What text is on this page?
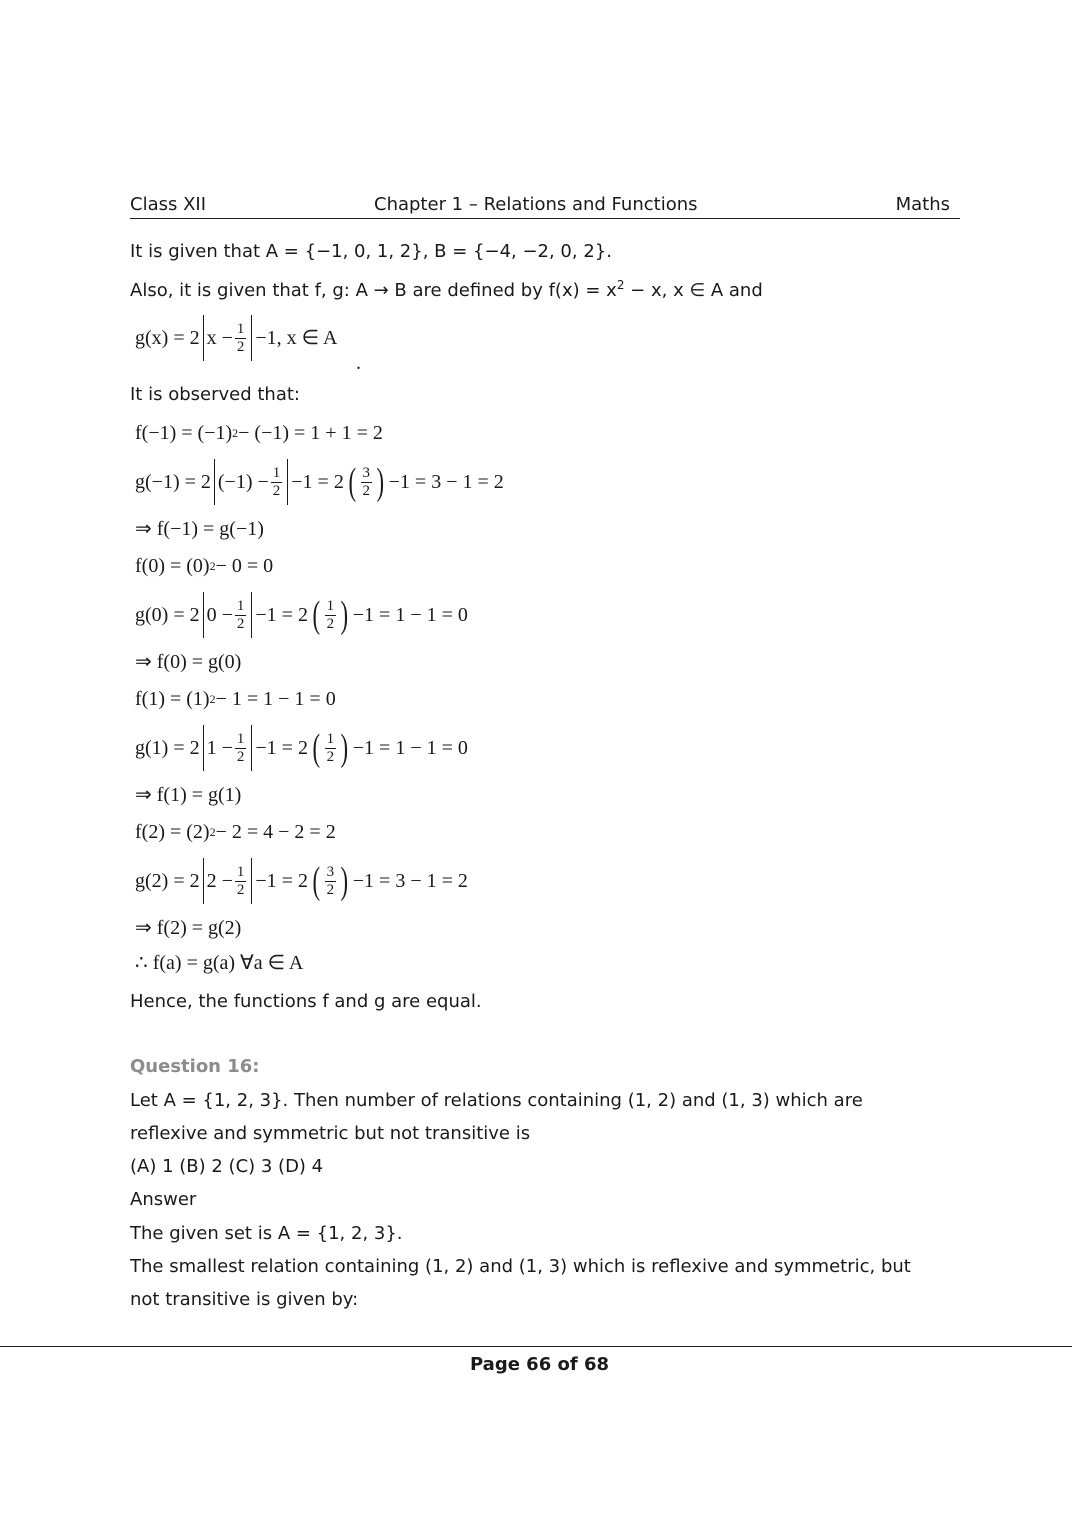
Class XII	Chapter 1 – Relations and Functions	Maths
It is given that A = {−1, 0, 1, 2}, B = {−4, −2, 0, 2}.
Also, it is given that f, g: A → B are defined by $f(x) = x^2 - x$, x ∈ A and
g(x) = 2 $x - \frac{1}{2} -1$, x ∈ A
.
It is observed that:
f(−1) = (−1) 2 − (−1) = 1 + 1 = 2
g(−1) = 2 $(-1) - \frac{1}{2} -1 = 2$ ( $\frac{3}{2}$ ) −1 = 3 − 1 = 2
⇒ f(−1) = g(−1)
f(0) = (0) 2 − 0 = 0
g(0) = 2 $0 - \frac{1}{2} -1 = 2$ ( $\frac{1}{2}$ ) −1 = 1 − 1 = 0
⇒ f(0) = g(0)
f(1) = (1) 2 − 1 = 1 − 1 = 0
g(1) = 2 $1 - \frac{1}{2} -1 = 2$ ( $\frac{1}{2}$ ) −1 = 1 − 1 = 0
⇒ f(1) = g(1)
f(2) = (2) 2 − 2 = 4 − 2 = 2
g(2) = 2 $2 - \frac{1}{2} -1 = 2$ ( $\frac{3}{2}$ ) −1 = 3 − 1 = 2
⇒ f(2) = g(2)
∴ f(a) = g(a) ∀a ∈ A
Hence, the functions f and g are equal.
Question 16:
Let A = {1, 2, 3}. Then number of relations containing (1, 2) and (1, 3) which are
reflexive and symmetric but not transitive is
(A) 1 (B) 2 (C) 3 (D) 4
Answer
The given set is A = {1, 2, 3}.
The smallest relation containing (1, 2) and (1, 3) which is reflexive and symmetric, but
not transitive is given by:
Page 66 of 68
